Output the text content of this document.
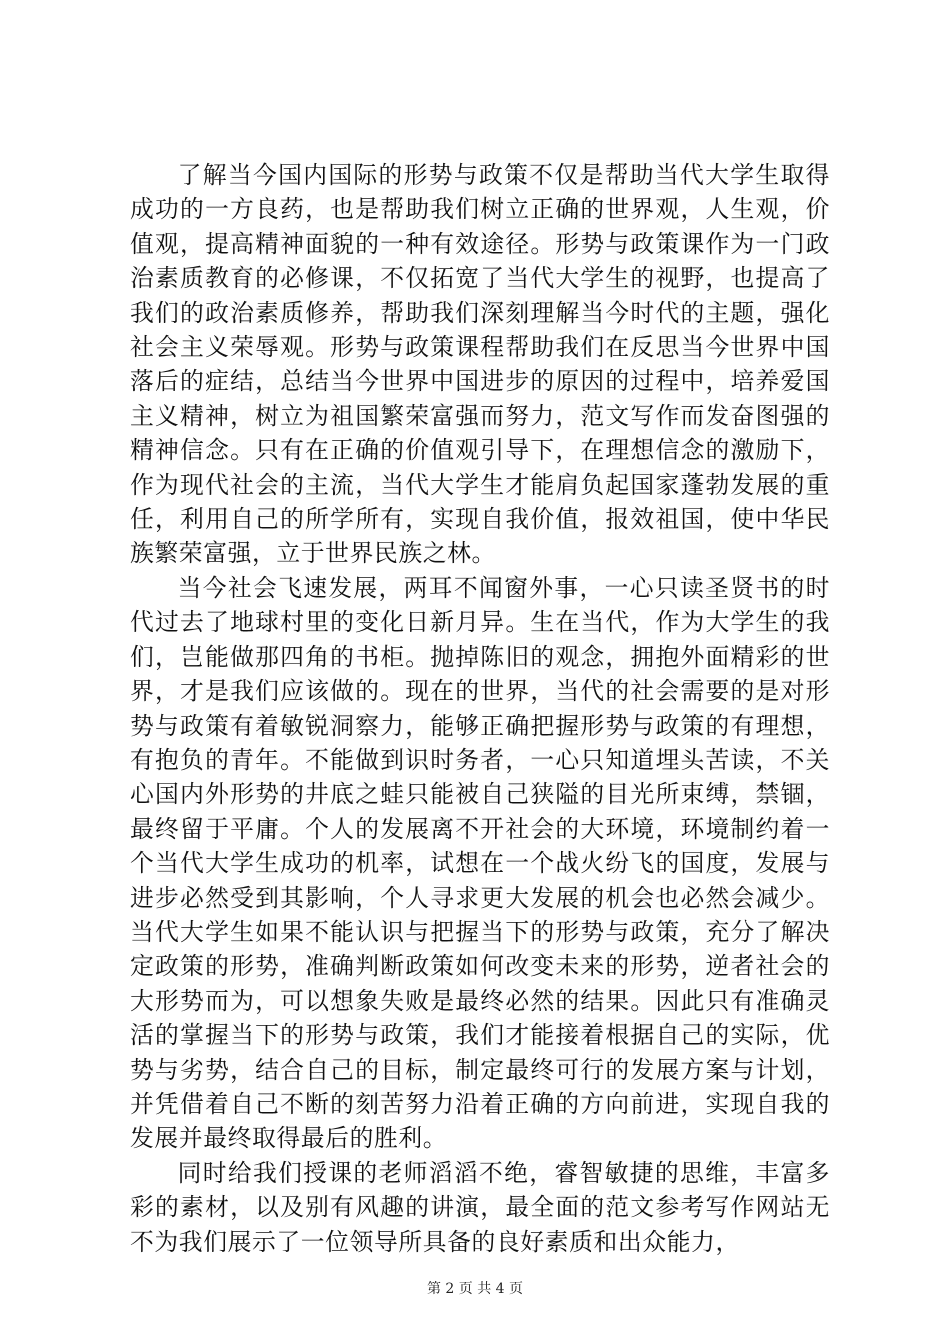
了解当今国内国际的形势与政策不仅是帮助当代大学生取得成功的一方良药，也是帮助我们树立正确的世界观，人生观，价值观，提高精神面貌的一种有效途径。形势与政策课作为一门政治素质教育的必修课，不仅拓宽了当代大学生的视野，也提高了我们的政治素质修养，帮助我们深刻理解当今时代的主题，强化社会主义荣辱观。形势与政策课程帮助我们在反思当今世界中国落后的症结，总结当今世界中国进步的原因的过程中，培养爱国主义精神，树立为祖国繁荣富强而努力，范文写作而发奋图强的精神信念。只有在正确的价值观引导下，在理想信念的激励下，作为现代社会的主流，当代大学生才能肩负起国家蓬勃发展的重任，利用自己的所学所有，实现自我价值，报效祖国，使中华民族繁荣富强，立于世界民族之林。

当今社会飞速发展，两耳不闻窗外事，一心只读圣贤书的时代过去了地球村里的变化日新月异。生在当代，作为大学生的我们，岂能做那四角的书柜。抛掉陈旧的观念，拥抱外面精彩的世界，才是我们应该做的。现在的世界，当代的社会需要的是对形势与政策有着敏锐洞察力，能够正确把握形势与政策的有理想，有抱负的青年。不能做到识时务者，一心只知道埋头苦读，不关心国内外形势的井底之蛙只能被自己狭隘的目光所束缚，禁锢，最终留于平庸。个人的发展离不开社会的大环境，环境制约着一个当代大学生成功的机率，试想在一个战火纷飞的国度，发展与进步必然受到其影响，个人寻求更大发展的机会也必然会减少。当代大学生如果不能认识与把握当下的形势与政策，充分了解决定政策的形势，准确判断政策如何改变未来的形势，逆者社会的大形势而为，可以想象失败是最终必然的结果。因此只有准确灵活的掌握当下的形势与政策，我们才能接着根据自己的实际，优势与劣势，结合自己的目标，制定最终可行的发展方案与计划，并凭借着自己不断的刻苦努力沿着正确的方向前进，实现自我的发展并最终取得最后的胜利。

同时给我们授课的老师滔滔不绝，睿智敏捷的思维，丰富多彩的素材，以及别有风趣的讲演，最全面的范文参考写作网站无不为我们展示了一位领导所具备的良好素质和出众能力，

第 2 页 共 4 页
